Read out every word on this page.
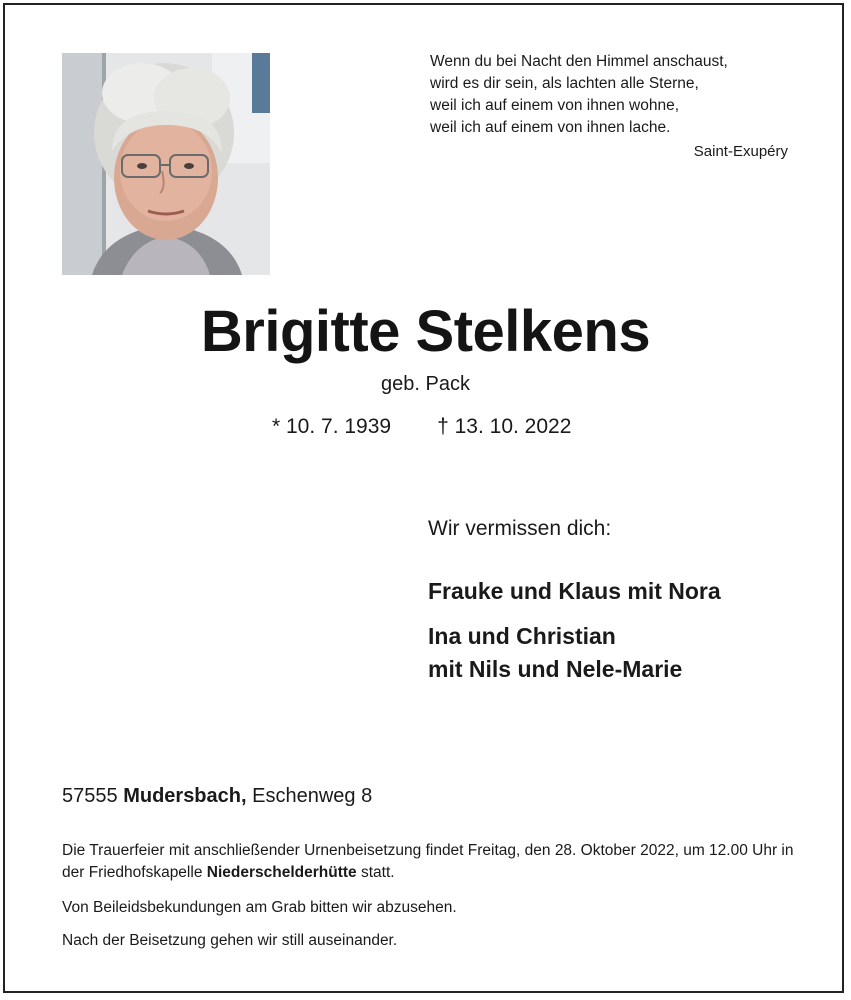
Wenn du bei Nacht den Himmel anschaust,
wird es dir sein, als lachten alle Sterne,
weil ich auf einem von ihnen wohne,
weil ich auf einem von ihnen lache.
Saint-Exupéry
Brigitte Stelkens
geb. Pack
* 10. 7. 1939 † 13. 10. 2022
Wir vermissen dich:
Frauke und Klaus mit Nora
Ina und Christian
mit Nils und Nele-Marie
57555 Mudersbach, Eschenweg 8
Die Trauerfeier mit anschließender Urnenbeisetzung findet Freitag, den 28. Oktober 2022, um 12.00 Uhr in der Friedhofskapelle Niederschelderhütte statt.
Von Beileidsbekundungen am Grab bitten wir abzusehen.
Nach der Beisetzung gehen wir still auseinander.
